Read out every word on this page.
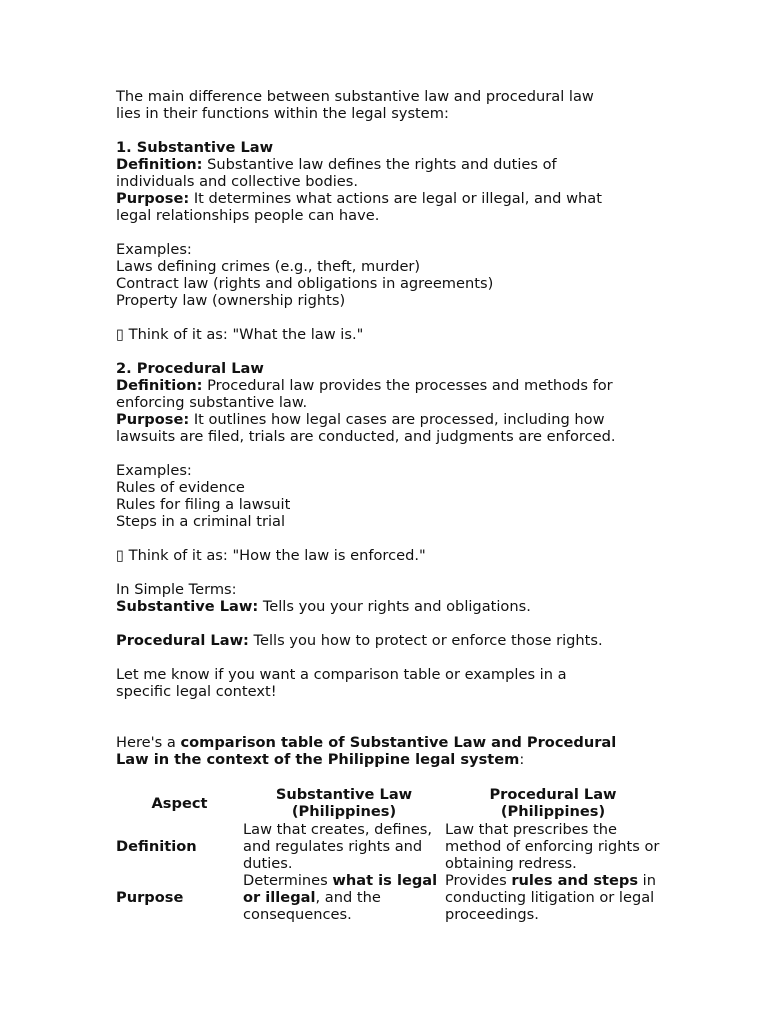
The main difference between substantive law and procedural law
lies in their functions within the legal system:
1. Substantive Law
Definition: Substantive law defines the rights and duties of
individuals and collective bodies.
Purpose: It determines what actions are legal or illegal, and what
legal relationships people can have.
Examples:
Laws defining crimes (e.g., theft, murder)
Contract law (rights and obligations in agreements)
Property law (ownership rights)
▯ Think of it as: "What the law is."
2. Procedural Law
Definition: Procedural law provides the processes and methods for
enforcing substantive law.
Purpose: It outlines how legal cases are processed, including how
lawsuits are filed, trials are conducted, and judgments are enforced.
Examples:
Rules of evidence
Rules for filing a lawsuit
Steps in a criminal trial
▯ Think of it as: "How the law is enforced."
In Simple Terms:
Substantive Law: Tells you your rights and obligations.
Procedural Law: Tells you how to protect or enforce those rights.
Let me know if you want a comparison table or examples in a
specific legal context!
Here's a comparison table of Substantive Law and Procedural
Law in the context of the Philippine legal system:
Aspect	Substantive Law (Philippines)	Procedural Law (Philippines)
Definition	Law that creates, defines, and regulates rights and duties.	Law that prescribes the method of enforcing rights or obtaining redress.
Purpose	Determines what is legal or illegal, and the consequences.	Provides rules and steps in conducting litigation or legal proceedings.
